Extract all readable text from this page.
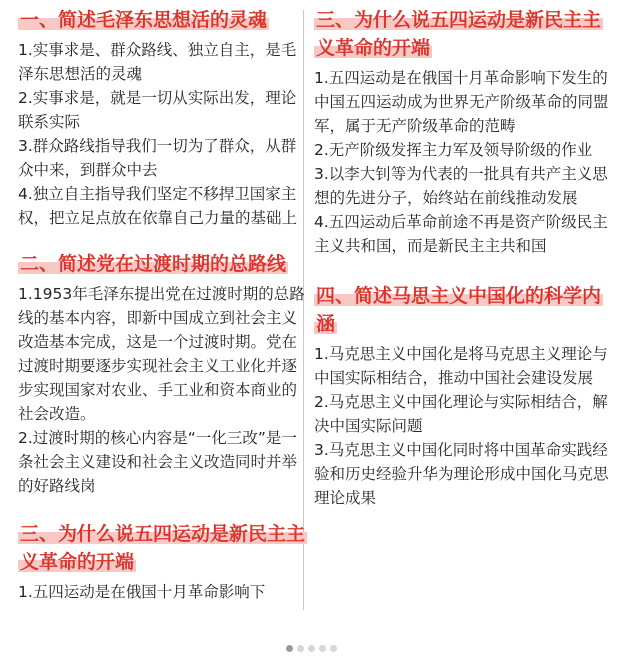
一、简述毛泽东思想活的灵魂

1.实事求是、群众路线、独立自主，是毛泽东思想活的灵魂

2.实事求是，就是一切从实际出发，理论联系实际

3.群众路线指导我们一切为了群众，从群众中来，到群众中去

4.独立自主指导我们坚定不移捍卫国家主权，把立足点放在依靠自己力量的基础上

二、简述党在过渡时期的总路线

1.1953年毛泽东提出党在过渡时期的总路线的基本内容，即新中国成立到社会主义改造基本完成，这是一个过渡时期。党在过渡时期要逐步实现社会主义工业化并逐步实现国家对农业、手工业和资本商业的社会改造。

2.过渡时期的核心内容是“一化三改”是一条社会主义建设和社会主义改造同时并举的好路线岗

三、为什么说五四运动是新民主主义革命的开端

1.五四运动是在俄国十月革命影响下

三、为什么说五四运动是新民主主义革命的开端

1.五四运动是在俄国十月革命影响下发生的

中国五四运动成为世界无产阶级革命的同盟军，属于无产阶级革命的范畴

2.无产阶级发挥主力军及领导阶级的作业

3.以李大钊等为代表的一批具有共产主义思想的先进分子，始终站在前线推动发展

4.五四运动后革命前途不再是资产阶级民主主义共和国，而是新民主主共和国

四、简述马思主义中国化的科学内涵

1.马克思主义中国化是将马克思主义理论与中国实际相结合，推动中国社会建设发展

2.马克思主义中国化理论与实际相结合，解决中国实际问题

3.马克思主义中国化同时将中国革命实践经验和历史经验升华为理论形成中国化马克思理论成果
